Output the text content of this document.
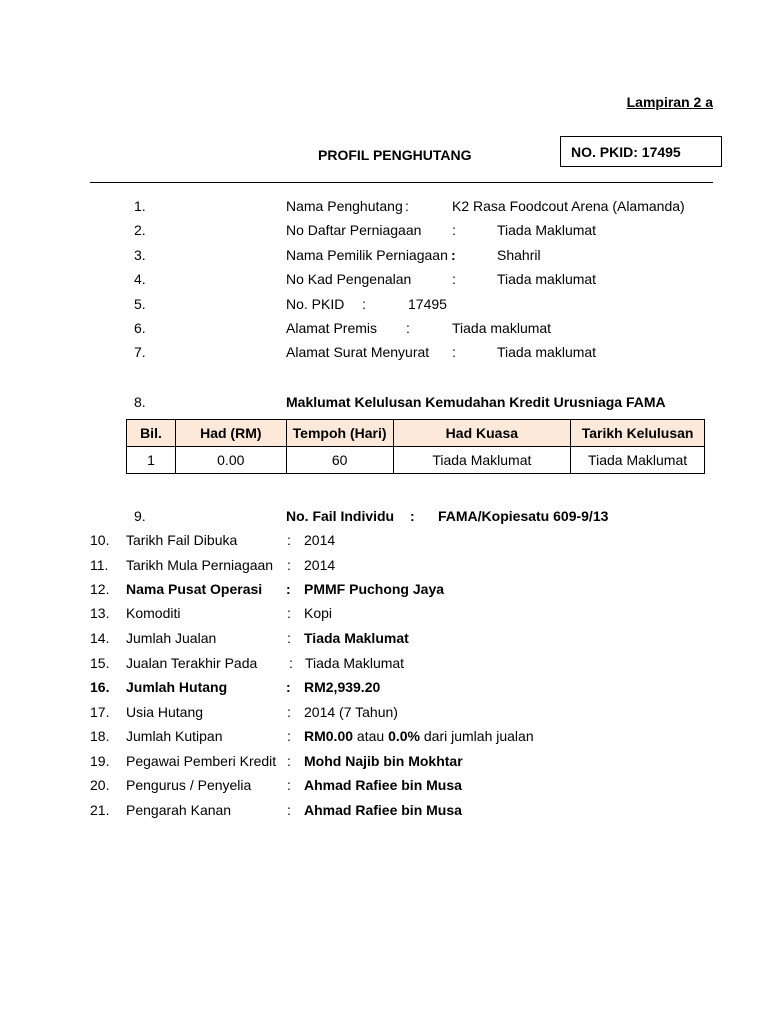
Lampiran 2 a
PROFIL PENGHUTANG	NO. PKID: 17495
1.	Nama Penghutang :	K2 Rasa Foodcout Arena (Alamanda)
2.	No Daftar Perniagaan :	Tiada Maklumat
3.	Nama Pemilik Perniagaan :	Shahril
4.	No Kad Pengenalan	:	Tiada maklumat
5.	No. PKID :	17495
6.	Alamat Premis :	Tiada maklumat
7.	Alamat Surat Menyurat :	Tiada maklumat
8.	Maklumat Kelulusan Kemudahan Kredit Urusniaga FAMA
Bil.	Had (RM)	Tempoh (Hari)	Had Kuasa	Tarikh Kelulusan
1	0.00	60	Tiada Maklumat	Tiada Maklumat
9.	No. Fail Individu : FAMA/Kopiesatu 609-9/13
10. Tarikh Fail Dibuka	: 2014
11. Tarikh Mula Perniagaan : 2014
12. Nama Pusat Operasi : PMMF Puchong Jaya
13. Komoditi	: Kopi
14. Jumlah Jualan	: Tiada Maklumat
15. Jualan Terakhir Pada : Tiada Maklumat
16. Jumlah Hutang	: RM2,939.20
17. Usia Hutang	: 2014 (7 Tahun)
18. Jumlah Kutipan	: RM0.00 atau 0.0% dari jumlah jualan
19. Pegawai Pemberi Kredit : Mohd Najib bin Mokhtar
20. Pengurus / Penyelia	: Ahmad Rafiee bin Musa
21. Pengarah Kanan	: Ahmad Rafiee bin Musa
